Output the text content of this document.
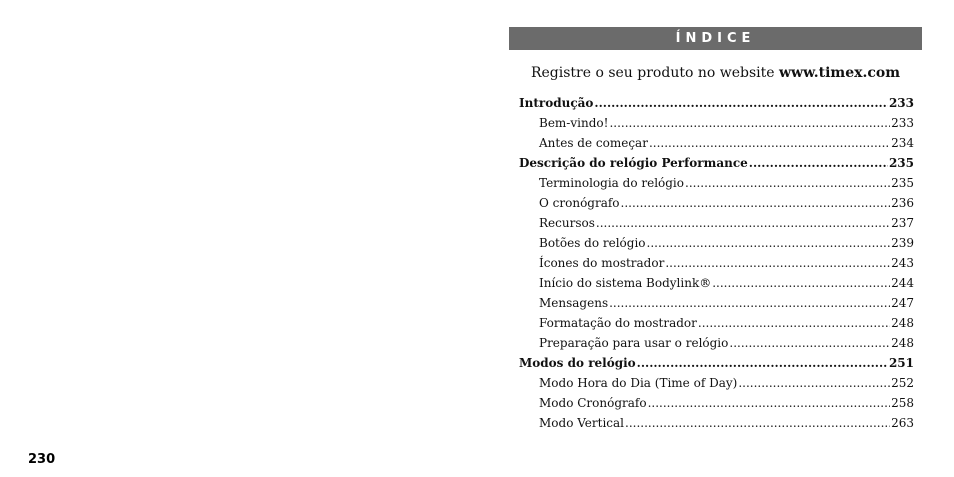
230
ÍNDICE
Registre o seu produto no website www.timex.com
Introdução .....	233
Bem-vindo! .....	233
Antes de começar .....	234
Descrição do relógio Performance .....	235
Terminologia do relógio .....	235
O cronógrafo .....	236
Recursos .....	237
Botões do relógio .....	239
Ícones do mostrador .....	243
Início do sistema Bodylink® .....	244
Mensagens .....	247
Formatação do mostrador .....	248
Preparação para usar o relógio .....	248
Modos do relógio .....	251
Modo Hora do Dia (Time of Day) .....	252
Modo Cronógrafo .....	258
Modo Vertical .....	263
